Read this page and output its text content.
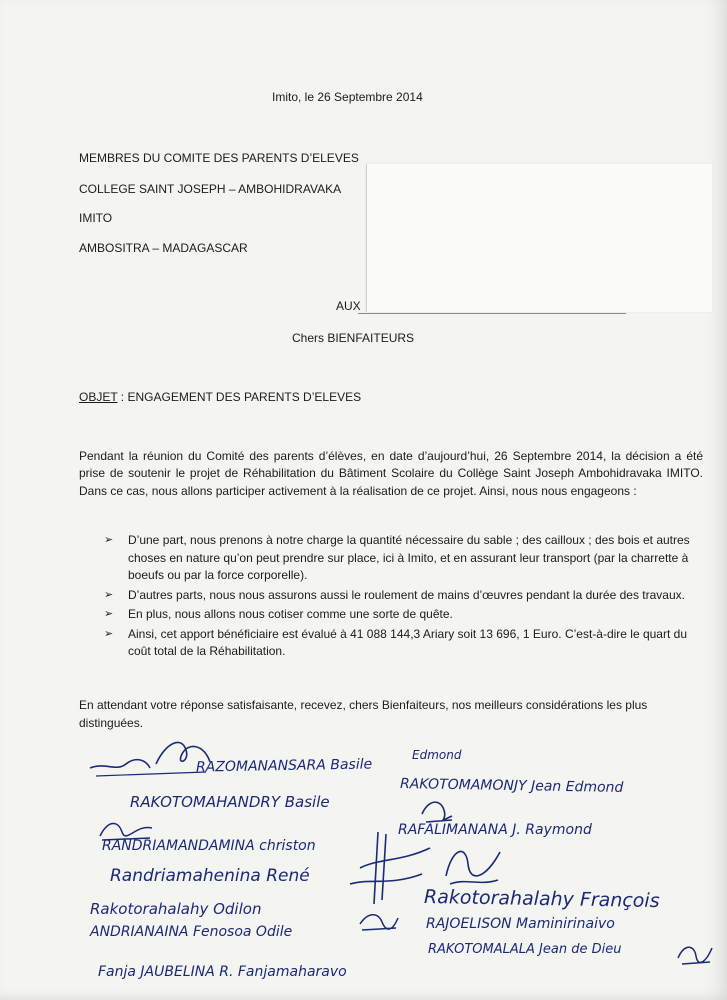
Imito, le 26 Septembre 2014
MEMBRES DU COMITE DES PARENTS D’ELEVES
COLLEGE SAINT JOSEPH – AMBOHIDRAVAKA
IMITO
AMBOSITRA – MADAGASCAR
AUX
Chers BIENFAITEURS
OBJET : ENGAGEMENT DES PARENTS D’ELEVES
Pendant la réunion du Comité des parents d’élèves, en date d’aujourd’hui, 26 Septembre 2014, la décision a été prise de soutenir le projet de Réhabilitation du Bâtiment Scolaire du Collège Saint Joseph Ambohidravaka IMITO. Dans ce cas, nous allons participer activement à la réalisation de ce projet. Ainsi, nous nous engageons :
➢ D’une part, nous prenons à notre charge la quantité nécessaire du sable ; des cailloux ; des bois et autres choses en nature qu’on peut prendre sur place, ici à Imito, et en assurant leur transport (par la charrette à boeufs ou par la force corporelle).
➢ D’autres parts, nous nous assurons aussi le roulement de mains d’œuvres pendant la durée des travaux.
➢ En plus, nous allons nous cotiser comme une sorte de quête.
➢ Ainsi, cet apport bénéficiaire est évalué à 41 088 144,3 Ariary soit 13 696, 1 Euro. C’est-à-dire le quart du coût total de la Réhabilitation.
En attendant votre réponse satisfaisante, recevez, chers Bienfaiteurs, nos meilleurs considérations les plus distinguées.
RAZOMANANSARA Basile
Edmond
RAKOTOMAHANDRY Basile
RAKOTOMAMONJY Jean Edmond
RANDRIAMANDAMINA christon
RAFALIMANANA J. Raymond
Randriamahenina René
Rakotorahalahy Odilon	Rakotorahalahy François
ANDRIANAINA Fenosoa Odile	RAJOELISON Maminirinaivo
RAKOTOMALALA Jean de Dieu
Fanja JAUBELINA R. Fanjamaharavo
